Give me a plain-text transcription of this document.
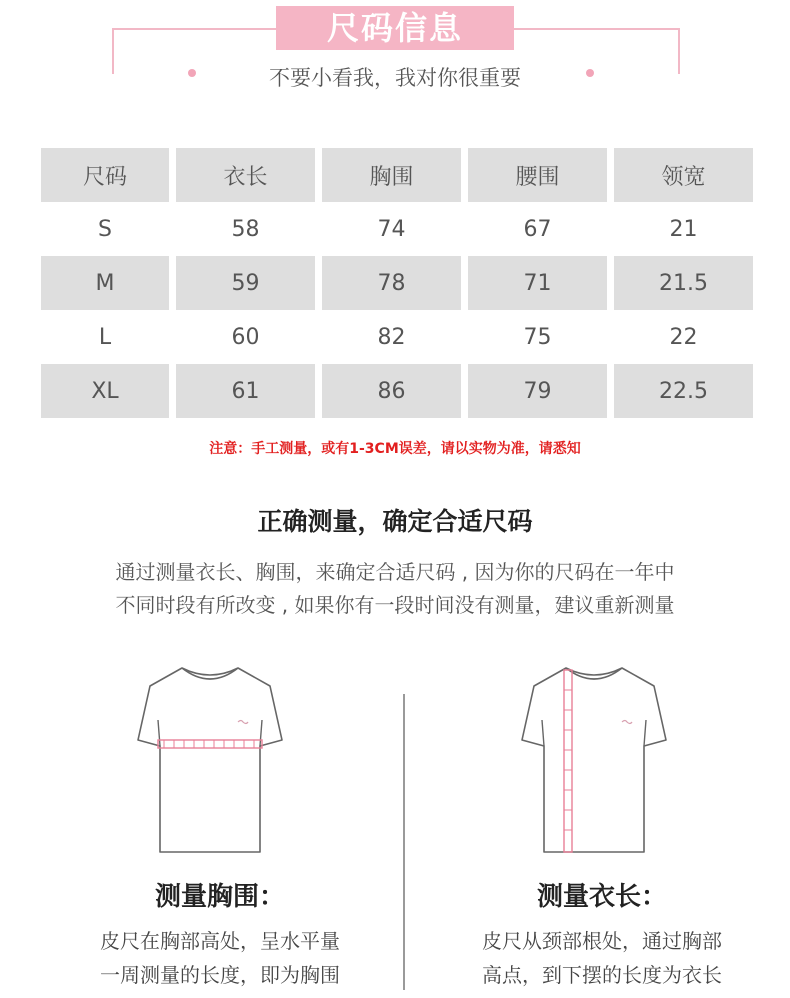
尺码信息
不要小看我，我对你很重要
尺码	衣长	胸围	腰围	领宽
S	58	74	67	21
M	59	78	71	21.5
L	60	82	75	22
XL	61	86	79	22.5
注意：手工测量，或有1-3CM误差，请以实物为准，请悉知
正确测量，确定合适尺码
通过测量衣长、胸围，来确定合适尺码 , 因为你的尺码在一年中
不同时段有所改变 , 如果你有一段时间没有测量，建议重新测量
测量胸围：
皮尺在胸部高处，呈水平量
一周测量的长度，即为胸围
测量衣长：
皮尺从颈部根处，通过胸部
高点，到下摆的长度为衣长
